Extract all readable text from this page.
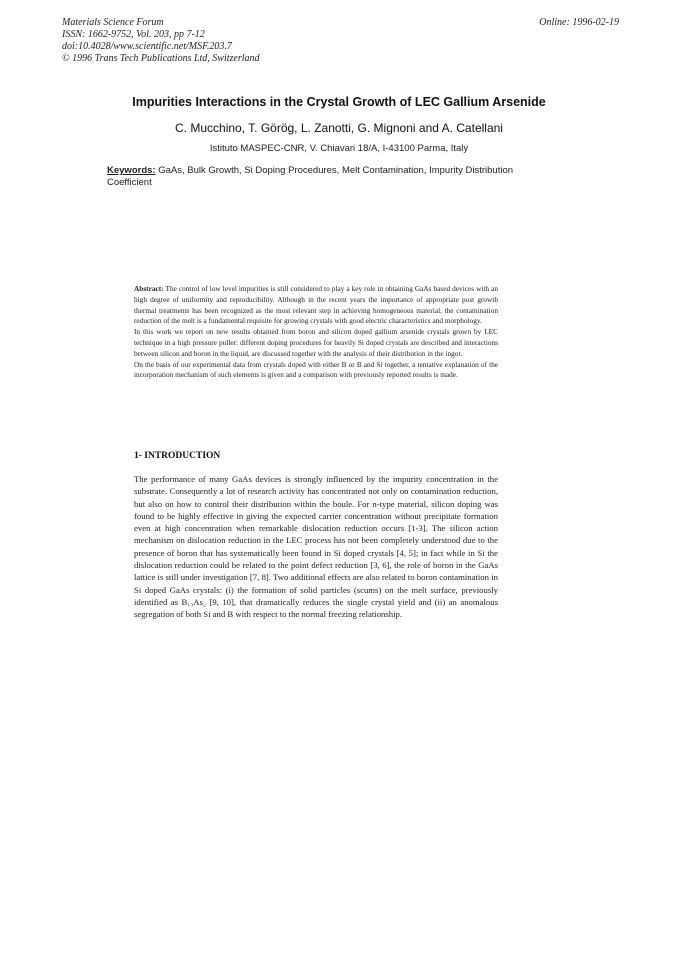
Materials Science Forum
ISSN: 1662-9752, Vol. 203, pp 7-12
doi:10.4028/www.scientific.net/MSF.203.7
© 1996 Trans Tech Publications Ltd, Switzerland
Online: 1996-02-19
Impurities Interactions in the Crystal Growth of LEC Gallium Arsenide
C. Mucchino, T. Görög, L. Zanotti, G. Mignoni and A. Catellani
Istituto MASPEC-CNR, V. Chiavari 18/A, I-43100 Parma, Italy
Keywords: GaAs, Bulk Growth, Si Doping Procedures, Melt Contamination, Impurity Distribution Coefficient

Abstract: The control of low level impurities is still considered to play a key role in obtaining GaAs based devices with an high degree of uniformity and reproducibility. Although in the recent years the importance of appropriate post growth thermal treatments has been recognized as the most relevant step in achieving homogeneous material, the contamination reduction of the melt is a fundamental requisite for growing crystals with good electric characteristics and morphology.

In this work we report on new results obtained from boron and silicon doped gallium arsenide crystals grown by LEC technique in a high pressure puller: different doping procedures for heavily Si doped crystals are described and interactions between silicon and boron in the liquid, are discussed together with the analysis of their distribution in the ingot.

On the basis of our experimental data from crystals doped with either B or B and Si together, a tentative explanation of the incorporation mechanism of such elements is given and a comparison with previously reported results is made.

1- INTRODUCTION

The performance of many GaAs devices is strongly influenced by the impurity concentration in the substrate. Consequently a lot of research activity has concentrated not only on contamination reduction, but also on how to control their distribution within the boule. For n-type material, silicon doping was found to be highly effective in giving the expected carrier concentration without precipitate formation even at high concentration when remarkable dislocation reduction occurs [1-3]. The silicon action mechanism on dislocation reduction in the LEC process has not been completely understood due to the presence of boron that has systematically been found in Si doped crystals [4, 5]; in fact while in Si the dislocation reduction could be related to the point defect reduction [3, 6], the role of boron in the GaAs lattice is still under investigation [7, 8]. Two additional effects are also related to boron contamination in Si doped GaAs crystals: (i) the formation of solid particles (scums) on the melt surface, previously identified as B₁₃As₂ [9, 10], that dramatically reduces the single crystal yield and (ii) an anomalous segregation of both Si and B with respect to the normal freezing relationship.
